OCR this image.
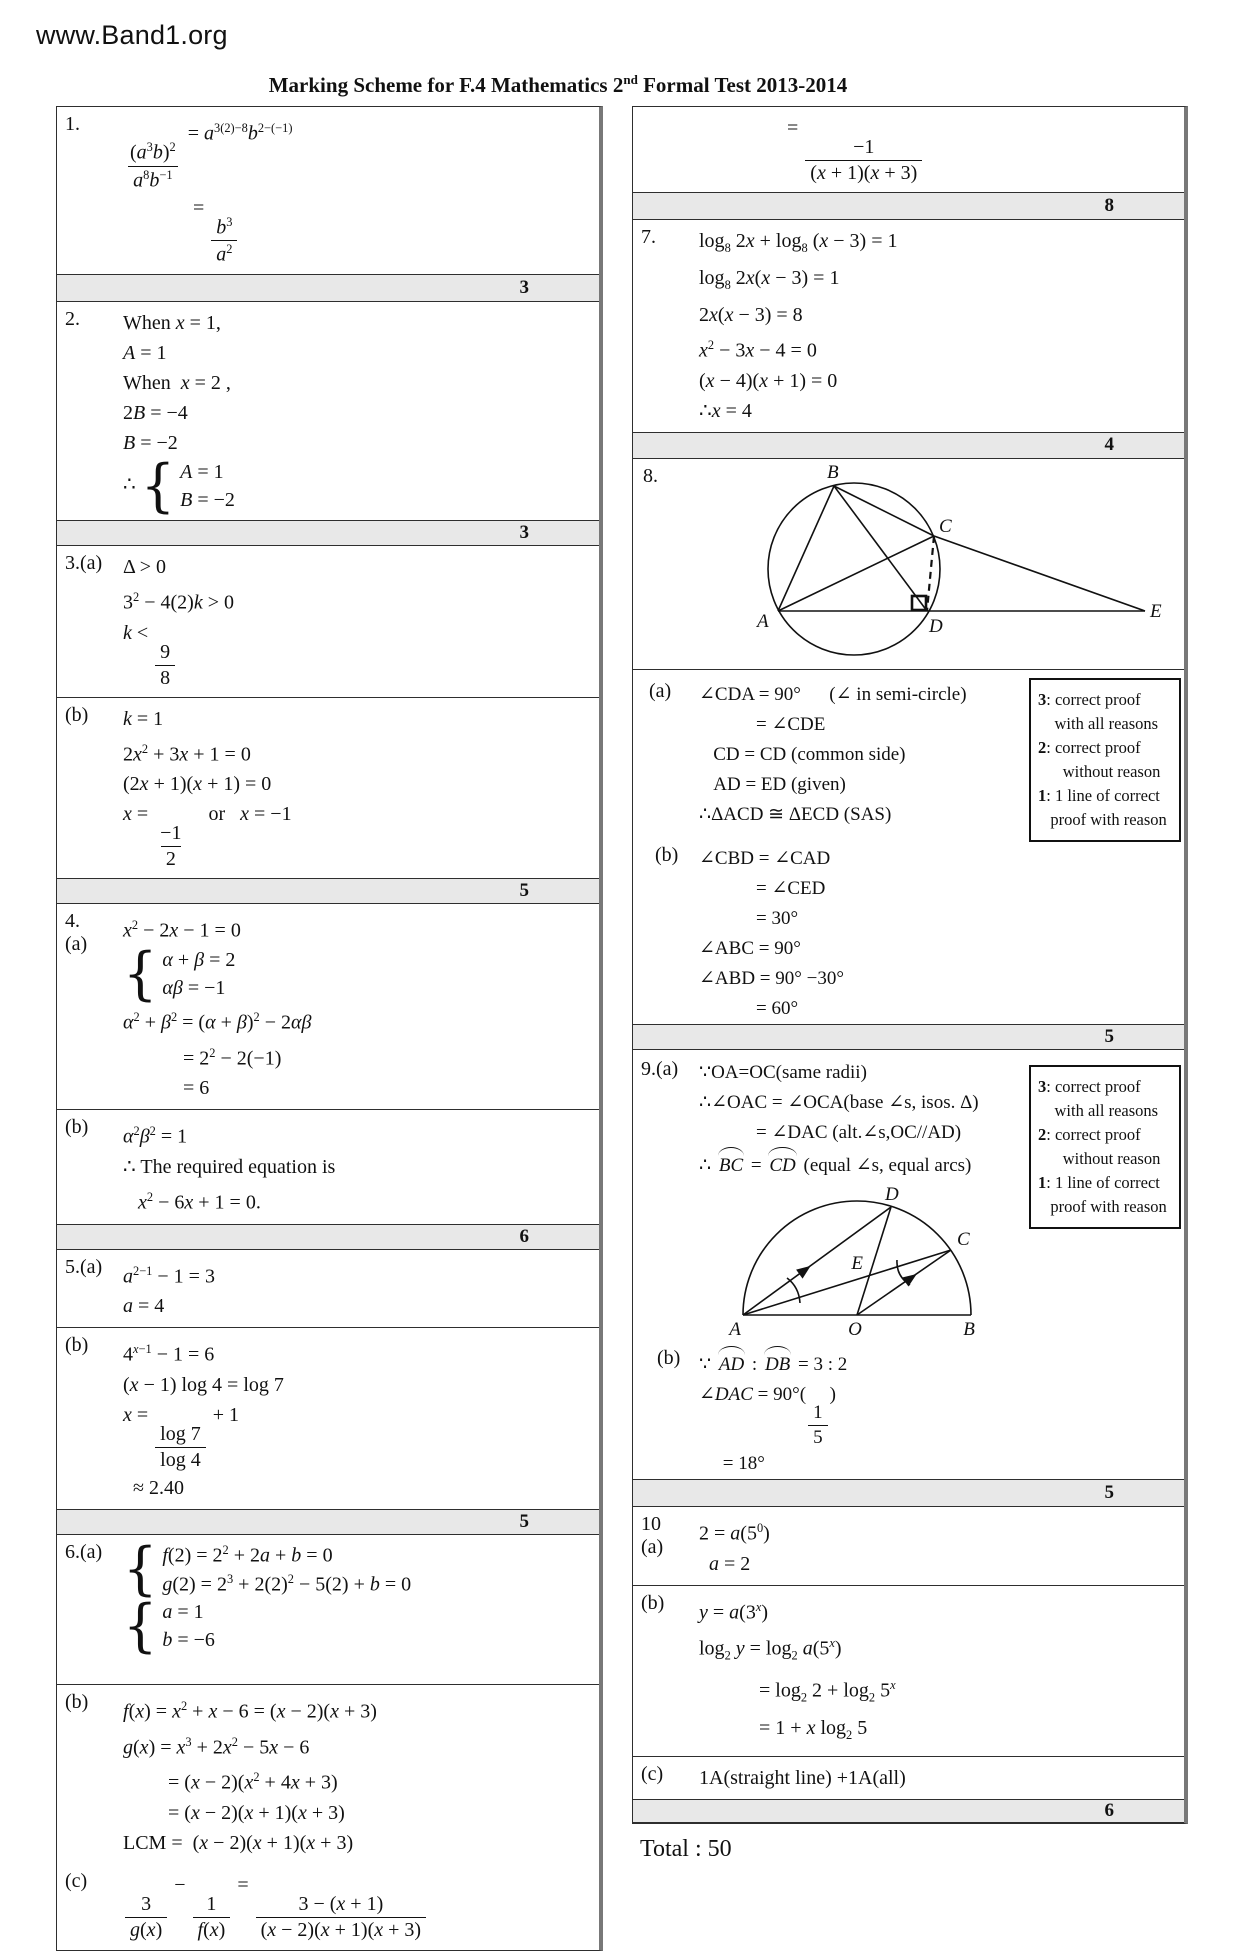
www.Band1.org
Marking Scheme for F.4 Mathematics 2nd Formal Test 2013-2014
1.
$\frac{(a^3b)^2}{a^8b^{-1}}$
= $a^{3(2)-8}b^{2-(-1)}$
=
$\frac{b^3}{a^2}$
3
2.	When x = 1,
A = 1
When  x = 2 ,
2B = −4
B = −2
∴ { A = 1
B = −2
3
3.(a)	Δ > 0
$3^2 - 4(2)k > 0$
k <
$\frac{9}{8}$
(b)	k = 1
$2x^2 + 3x + 1 = 0$
(2x + 1)(x + 1) = 0
x =
$\frac{-1}{2}$
or   x = −1
5
4.
(a)
$x^2 - 2x - 1 = 0$
{ α + β = 2
αβ = −1
$\alpha^2 + \beta^2 = (\alpha + \beta)^2 - 2\alpha\beta$
= $2^2 - 2(-1)$
= 6
(b)	$\alpha^2\beta^2 = 1$
∴ The required equation is
$x^2 - 6x + 1 = 0$.
6
5.(a)	$a^{2-1} - 1 = 3$
a = 4
(b)	$4^{x-1} - 1 = 6$
(x − 1) log 4 = log 7
x =
$\frac{\log 7}{\log 4}$
+ 1
≈ 2.40
5
6.(a) { $f(2) = 2^2 + 2a + b = 0$
$g(2) = 2^3 + 2(2)^2 - 5(2) + b = 0$
{ a = 1
b = −6
(b)	$f(x) = x^2 + x - 6 = (x - 2)(x + 3)$
$g(x) = x^3 + 2x^2 - 5x - 6$
= $(x - 2)(x^2 + 4x + 3)$
= (x − 2)(x + 1)(x + 3)
LCM =  (x − 2)(x + 1)(x + 3)
(c)
$\frac{3}{g(x)}$
−
$\frac{1}{f(x)}$
=
$\frac{3 - (x + 1)}{(x - 2)(x + 1)(x + 3)}$
=
$\frac{-1}{(x + 1)(x + 3)}$
8
7.	$\log_8 2x + \log_8 (x - 3) = 1$
$\log_8 2x(x - 3) = 1$
2x(x − 3) = 8
$x^2 - 3x - 4 = 0$
(x − 4)(x + 1) = 0
∴x = 4
4
8.	B
C
A	D
E
3: correct proof
with all reasons
2: correct proof
without reason
1: 1 line of correct
proof with reason
(a)	∠CDA = 90°      (∠ in semi-circle)
= ∠CDE
CD = CD (common side)
AD = ED (given)
∴ΔACD ≅ ΔECD (SAS)
(b)	∠CBD = ∠CAD
= ∠CED
= 30°
∠ABC = 90°
∠ABD = 90° −30°
= 60°
5
3: correct proof
with all reasons
2: correct proof
without reason
1: 1 line of correct
proof with reason
9.(a)	∵OA=OC(same radii)
∴∠OAC = ∠OCA(base ∠s, isos. Δ)
= ∠DAC (alt.∠s,OC//AD)
∴ BC = CD (equal ∠s, equal arcs)
D
C
E
A	O	B
(b) ∵ AD : DB = 3 : 2
∠DAC = 90°(
$\frac{1}{5}$
)
= 18°
5
10
(a)
$2 = a(5^0)$
a = 2
(b)	$y = a(3^x)$
$\log_2 y = \log_2 a(5^x)$
= $\log_2 2 + \log_2 5^x$
= 1 + x $\log_2 5$
(c)	1A(straight line) +1A(all)
6
Total : 50
